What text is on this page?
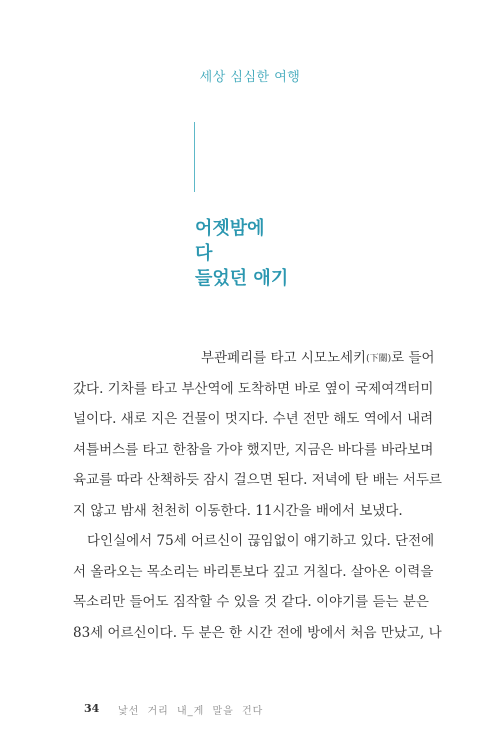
세상 심심한 여행
어젯밤에
다
들었던 애기
부관페리를 타고 시모노세키(下關)로 들어
갔다. 기차를 타고 부산역에 도착하면 바로 옆이 국제여객터미
널이다. 새로 지은 건물이 멋지다. 수년 전만 해도 역에서 내려
셔틀버스를 타고 한참을 가야 했지만, 지금은 바다를 바라보며
육교를 따라 산책하듯 잠시 걸으면 된다. 저녁에 탄 배는 서두르
지 않고 밤새 천천히 이동한다. 11시간을 배에서 보냈다.
다인실에서 75세 어르신이 끊임없이 얘기하고 있다. 단전에
서 올라오는 목소리는 바리톤보다 깊고 거칠다. 살아온 이력을
목소리만 들어도 짐작할 수 있을 것 같다. 이야기를 듣는 분은
83세 어르신이다. 두 분은 한 시간 전에 방에서 처음 만났고, 나
34 낯선 거리 내_게 말을 건다
